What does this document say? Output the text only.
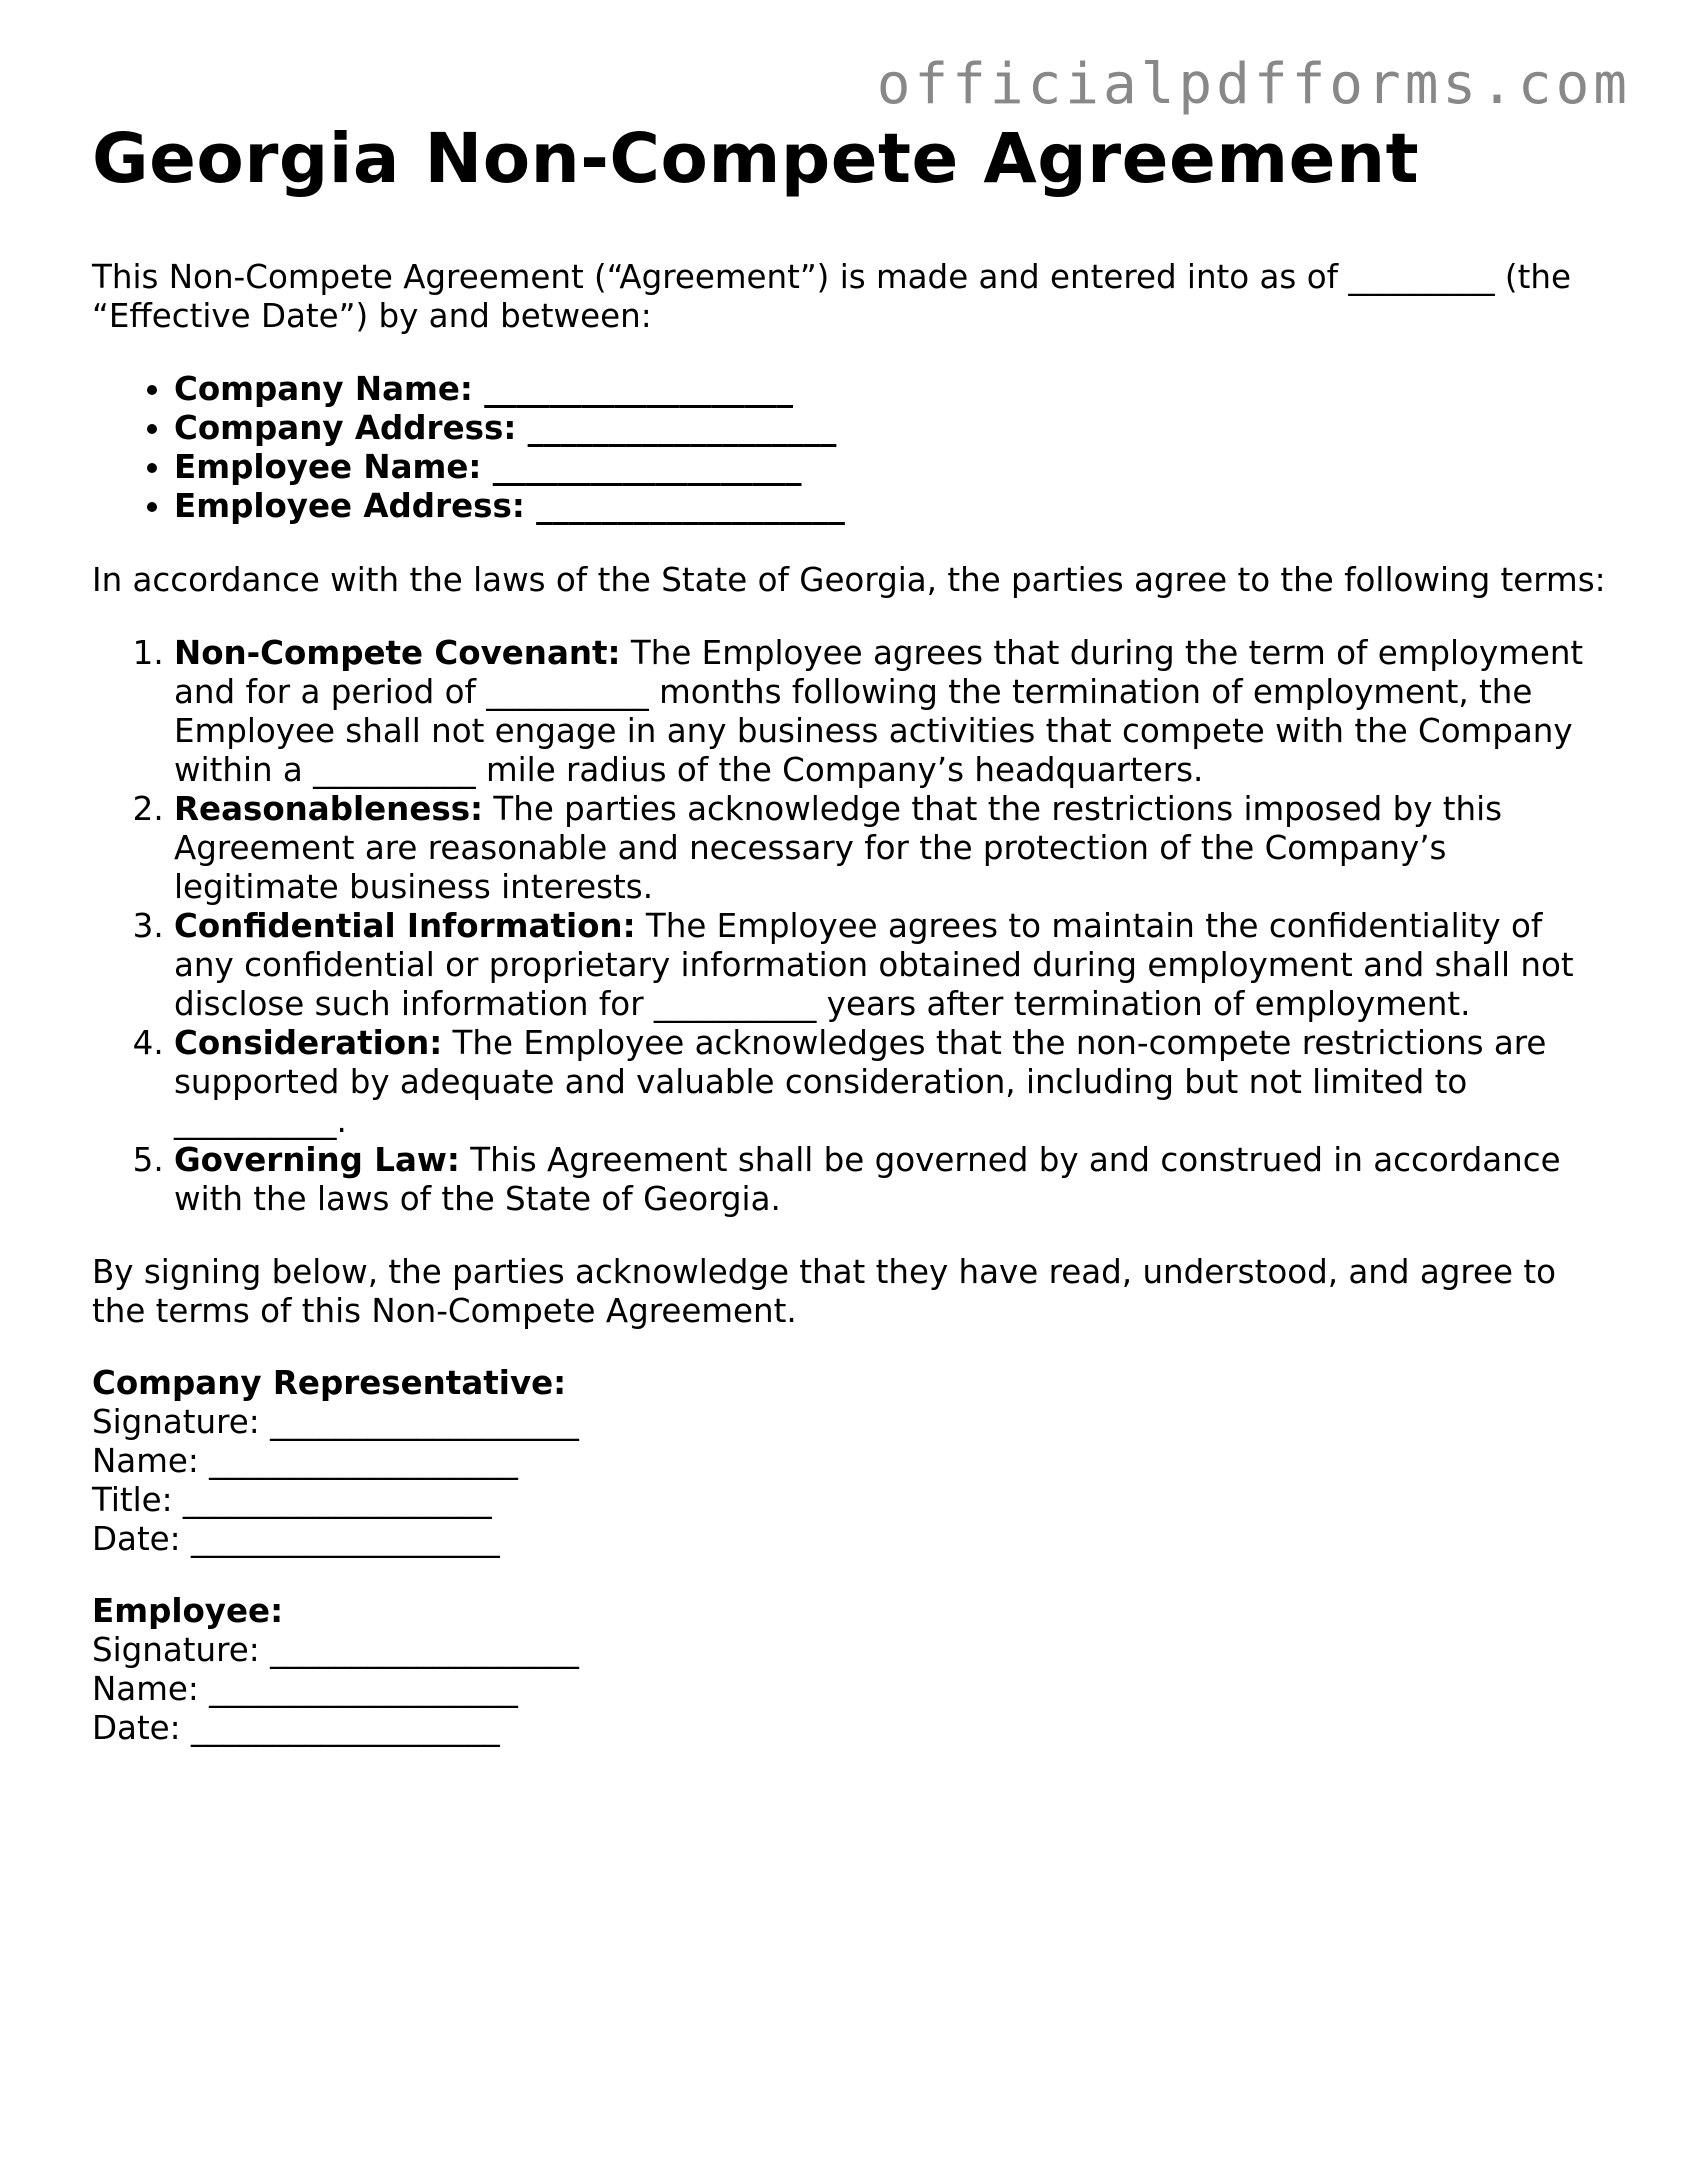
officialpdfforms.com
Georgia Non-Compete Agreement

This Non-Compete Agreement (“Agreement”) is made and entered into as of _________ (the “Effective Date”) by and between:

• Company Name: ___________________
• Company Address: ___________________
• Employee Name: ___________________
• Employee Address: ___________________

In accordance with the laws of the State of Georgia, the parties agree to the following terms:

1. Non-Compete Covenant: The Employee agrees that during the term of employment and for a period of __________ months following the termination of employment, the Employee shall not engage in any business activities that compete with the Company within a __________ mile radius of the Company’s headquarters.
2. Reasonableness: The parties acknowledge that the restrictions imposed by this Agreement are reasonable and necessary for the protection of the Company’s legitimate business interests.
3. Confidential Information: The Employee agrees to maintain the confidentiality of any confidential or proprietary information obtained during employment and shall not disclose such information for __________ years after termination of employment.
4. Consideration: The Employee acknowledges that the non-compete restrictions are supported by adequate and valuable consideration, including but not limited to __________.
5. Governing Law: This Agreement shall be governed by and construed in accordance with the laws of the State of Georgia.

By signing below, the parties acknowledge that they have read, understood, and agree to the terms of this Non-Compete Agreement.

Company Representative:
Signature: ___________________
Name: ___________________
Title: ___________________
Date: ___________________
Employee:
Signature: ___________________
Name: ___________________
Date: ___________________
